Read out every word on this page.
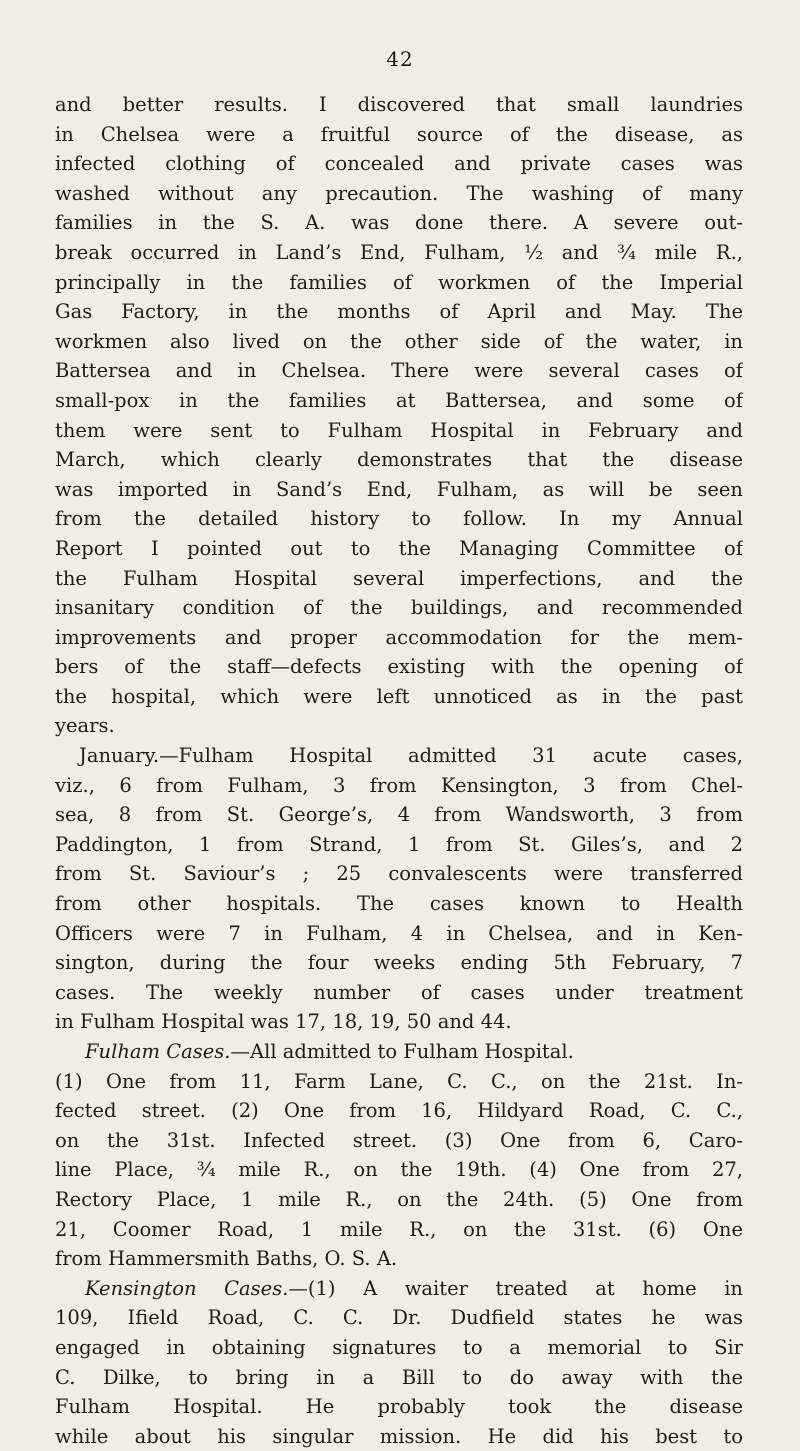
42
and better results. I discovered that small laundries
in Chelsea were a fruitful source of the disease, as
infected clothing of concealed and private cases was
washed without any precaution. The washing of many
families in the S. A. was done there. A severe out-
break occurred in Land’s End, Fulham, ½ and ¾ mile R.,
principally in the families of workmen of the Imperial
Gas Factory, in the months of April and May. The
workmen also lived on the other side of the water, in
Battersea and in Chelsea. There were several cases of
small-pox in the families at Battersea, and some of
them were sent to Fulham Hospital in February and
March, which clearly demonstrates that the disease
was imported in Sand’s End, Fulham, as will be seen
from the detailed history to follow. In my Annual
Report I pointed out to the Managing Committee of
the Fulham Hospital several imperfections, and the
insanitary condition of the buildings, and recommended
improvements and proper accommodation for the mem-
bers of the staff—defects existing with the opening of
the hospital, which were left unnoticed as in the past
years.
January.—Fulham Hospital admitted 31 acute cases,
viz., 6 from Fulham, 3 from Kensington, 3 from Chel-
sea, 8 from St. George’s, 4 from Wandsworth, 3 from
Paddington, 1 from Strand, 1 from St. Giles’s, and 2
from St. Saviour’s ; 25 convalescents were transferred
from other hospitals. The cases known to Health
Officers were 7 in Fulham, 4 in Chelsea, and in Ken-
sington, during the four weeks ending 5th February, 7
cases. The weekly number of cases under treatment
in Fulham Hospital was 17, 18, 19, 50 and 44.
Fulham Cases.—All admitted to Fulham Hospital.
(1) One from 11, Farm Lane, C. C., on the 21st. In-
fected street. (2) One from 16, Hildyard Road, C. C.,
on the 31st. Infected street. (3) One from 6, Caro-
line Place, ¾ mile R., on the 19th. (4) One from 27,
Rectory Place, 1 mile R., on the 24th. (5) One from
21, Coomer Road, 1 mile R., on the 31st. (6) One
from Hammersmith Baths, O. S. A.
Kensington Cases.—(1) A waiter treated at home in
109, Ifield Road, C. C. Dr. Dudfield states he was
engaged in obtaining signatures to a memorial to Sir
C. Dilke, to bring in a Bill to do away with the
Fulham Hospital. He probably took the disease
while about his singular mission. He did his best to
